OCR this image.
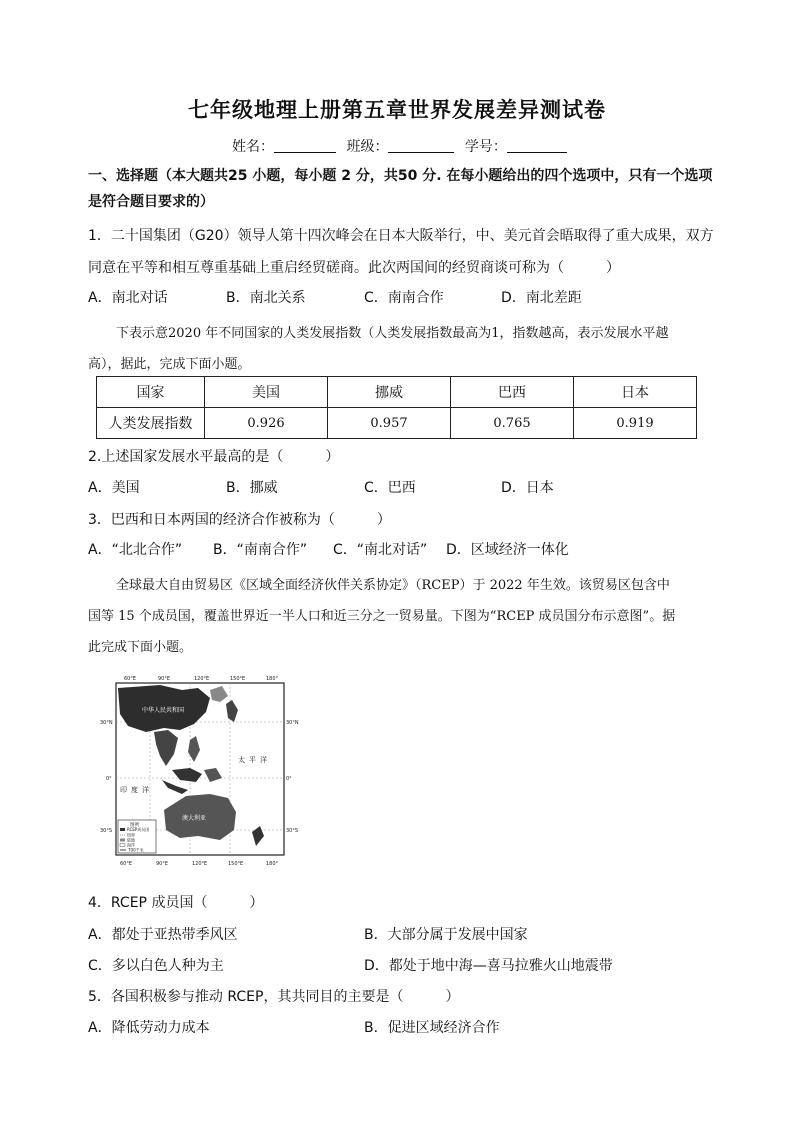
七年级地理上册第五章世界发展差异测试卷
姓名：	班级：	学号：
一、选择题（本大题共25 小题，每小题 2 分，共50 分. 在每小题给出的四个选项中，只有一个选项
是符合题目要求的）
1．二十国集团（G20）领导人第十四次峰会在日本大阪举行，中、美元首会晤取得了重大成果，双方
同意在平等和相互尊重基础上重启经贸磋商。此次两国间的经贸商谈可称为（　　　）
A．南北对话	B．南北关系	C．南南合作	D．南北差距
下表示意2020 年不同国家的人类发展指数（人类发展指数最高为1，指数越高，表示发展水平越
高），据此，完成下面小题。
国家	美国	挪威	巴西	日本
人类发展指数	0.926	0.957	0.765	0.919
2.上述国家发展水平最高的是（　　　）
A．美国	B．挪威	C．巴西	D．日本
3．巴西和日本两国的经济合作被称为（　　　）
A．“北北合作” B．“南南合作” C．“南北对话” D．区域经济一体化
全球最大自由贸易区《区域全面经济伙伴关系协定》（RCEP）于 2022 年生效。该贸易区包含中
国等 15 个成员国，覆盖世界近一半人口和近三分之一贸易量。下图为“RCEP 成员国分布示意图”。据
此完成下面小题。
60°E	90°E	120°E	150°E	180°
60°E	90°E	120°E	150°E	180°
30°N
0°
30°S
30°N
0°
30°S
中华人民共和国
澳大利亚
太平洋
印度洋
图例
RCEP成员国
国界
陆地
海洋
700千米
4．RCEP 成员国（　　　）
A．都处于亚热带季风区	B．大部分属于发展中国家
C．多以白色人种为主	D．都处于地中海—喜马拉雅火山地震带
5．各国积极参与推动 RCEP，其共同目的主要是（　　　）
A．降低劳动力成本	B．促进区域经济合作
